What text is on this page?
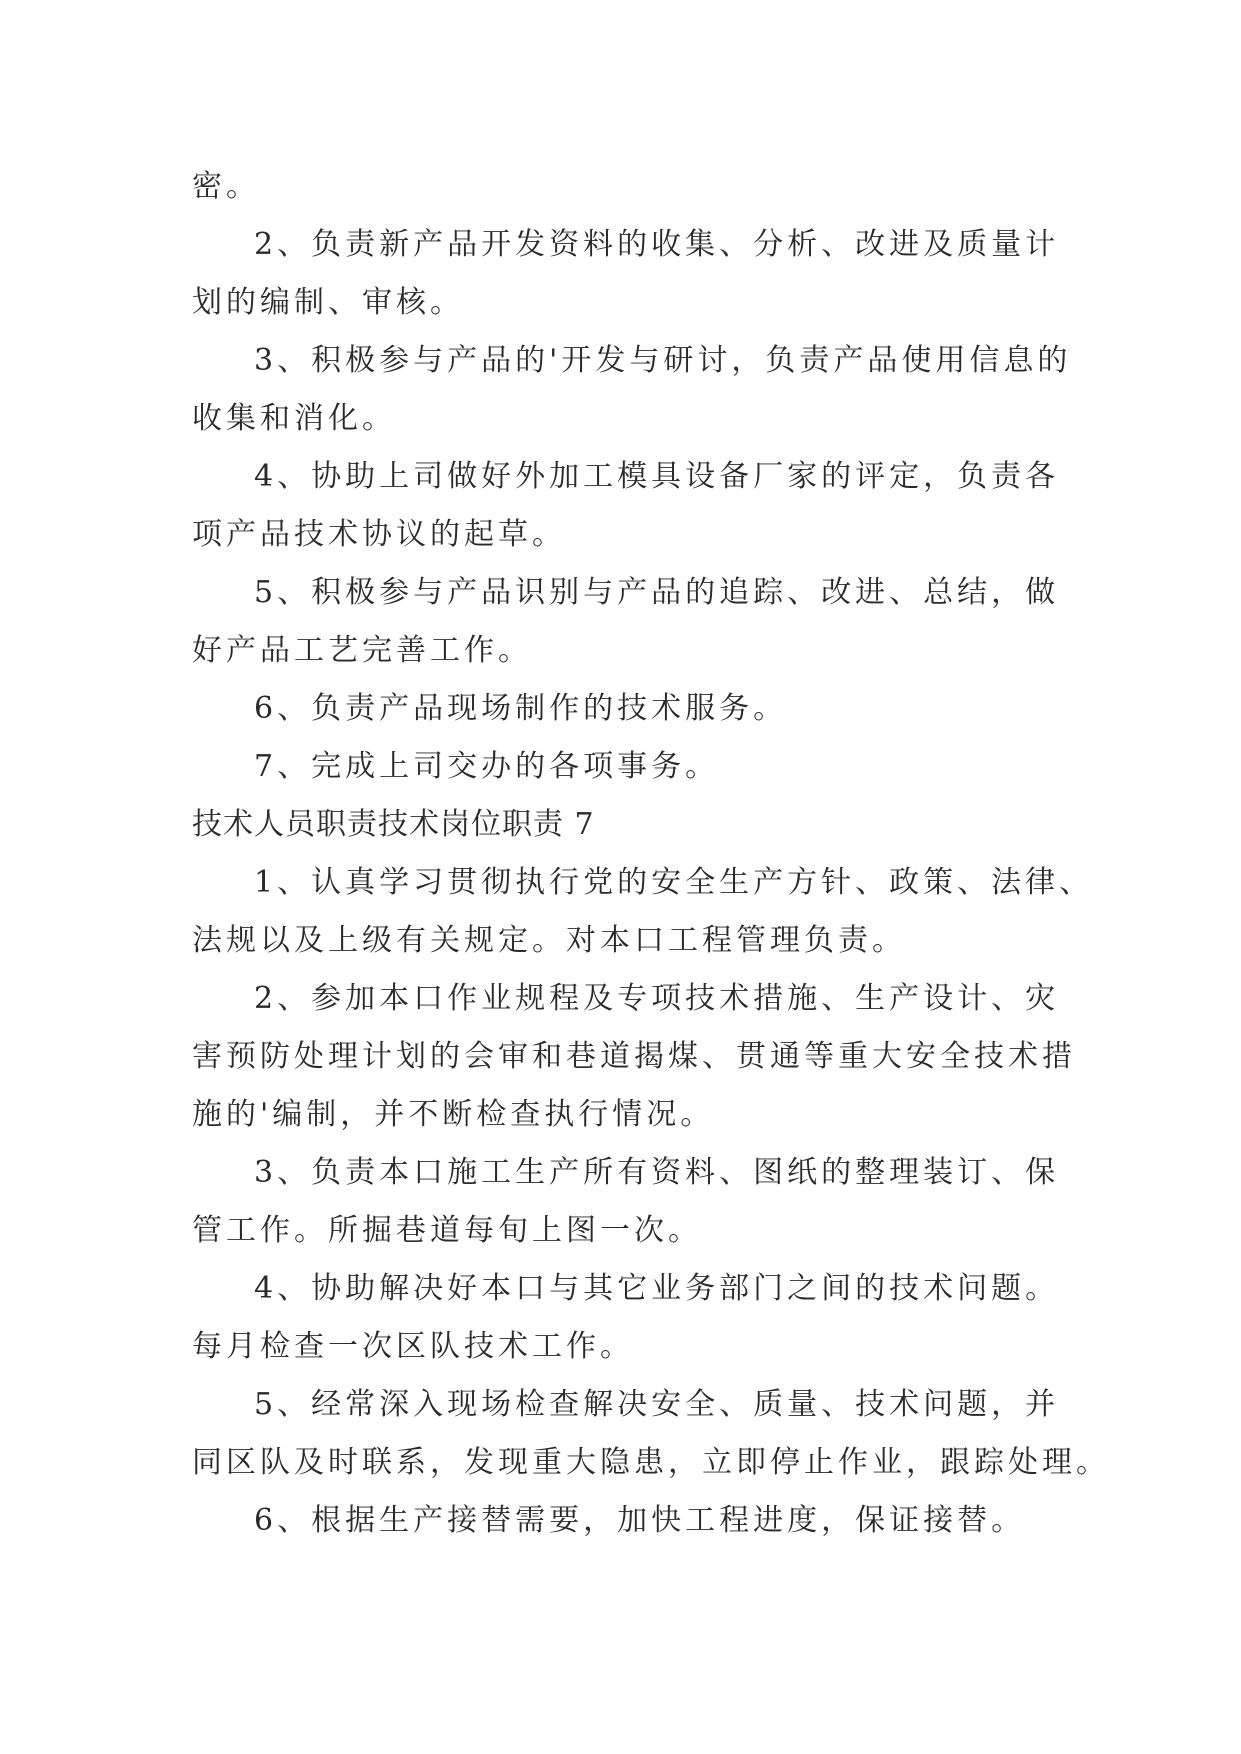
密。
2、负责新产品开发资料的收集、分析、改进及质量计
划的编制、审核。
3、积极参与产品的'开发与研讨，负责产品使用信息的
收集和消化。
4、协助上司做好外加工模具设备厂家的评定，负责各
项产品技术协议的起草。
5、积极参与产品识别与产品的追踪、改进、总结，做
好产品工艺完善工作。
6、负责产品现场制作的技术服务。
7、完成上司交办的各项事务。
技术人员职责技术岗位职责 7
1、认真学习贯彻执行党的安全生产方针、政策、法律、
法规以及上级有关规定。对本口工程管理负责。
2、参加本口作业规程及专项技术措施、生产设计、灾
害预防处理计划的会审和巷道揭煤、贯通等重大安全技术措
施的'编制，并不断检查执行情况。
3、负责本口施工生产所有资料、图纸的整理装订、保
管工作。所掘巷道每旬上图一次。
4、协助解决好本口与其它业务部门之间的技术问题。
每月检查一次区队技术工作。
5、经常深入现场检查解决安全、质量、技术问题，并
同区队及时联系，发现重大隐患，立即停止作业，跟踪处理。
6、根据生产接替需要，加快工程进度，保证接替。
